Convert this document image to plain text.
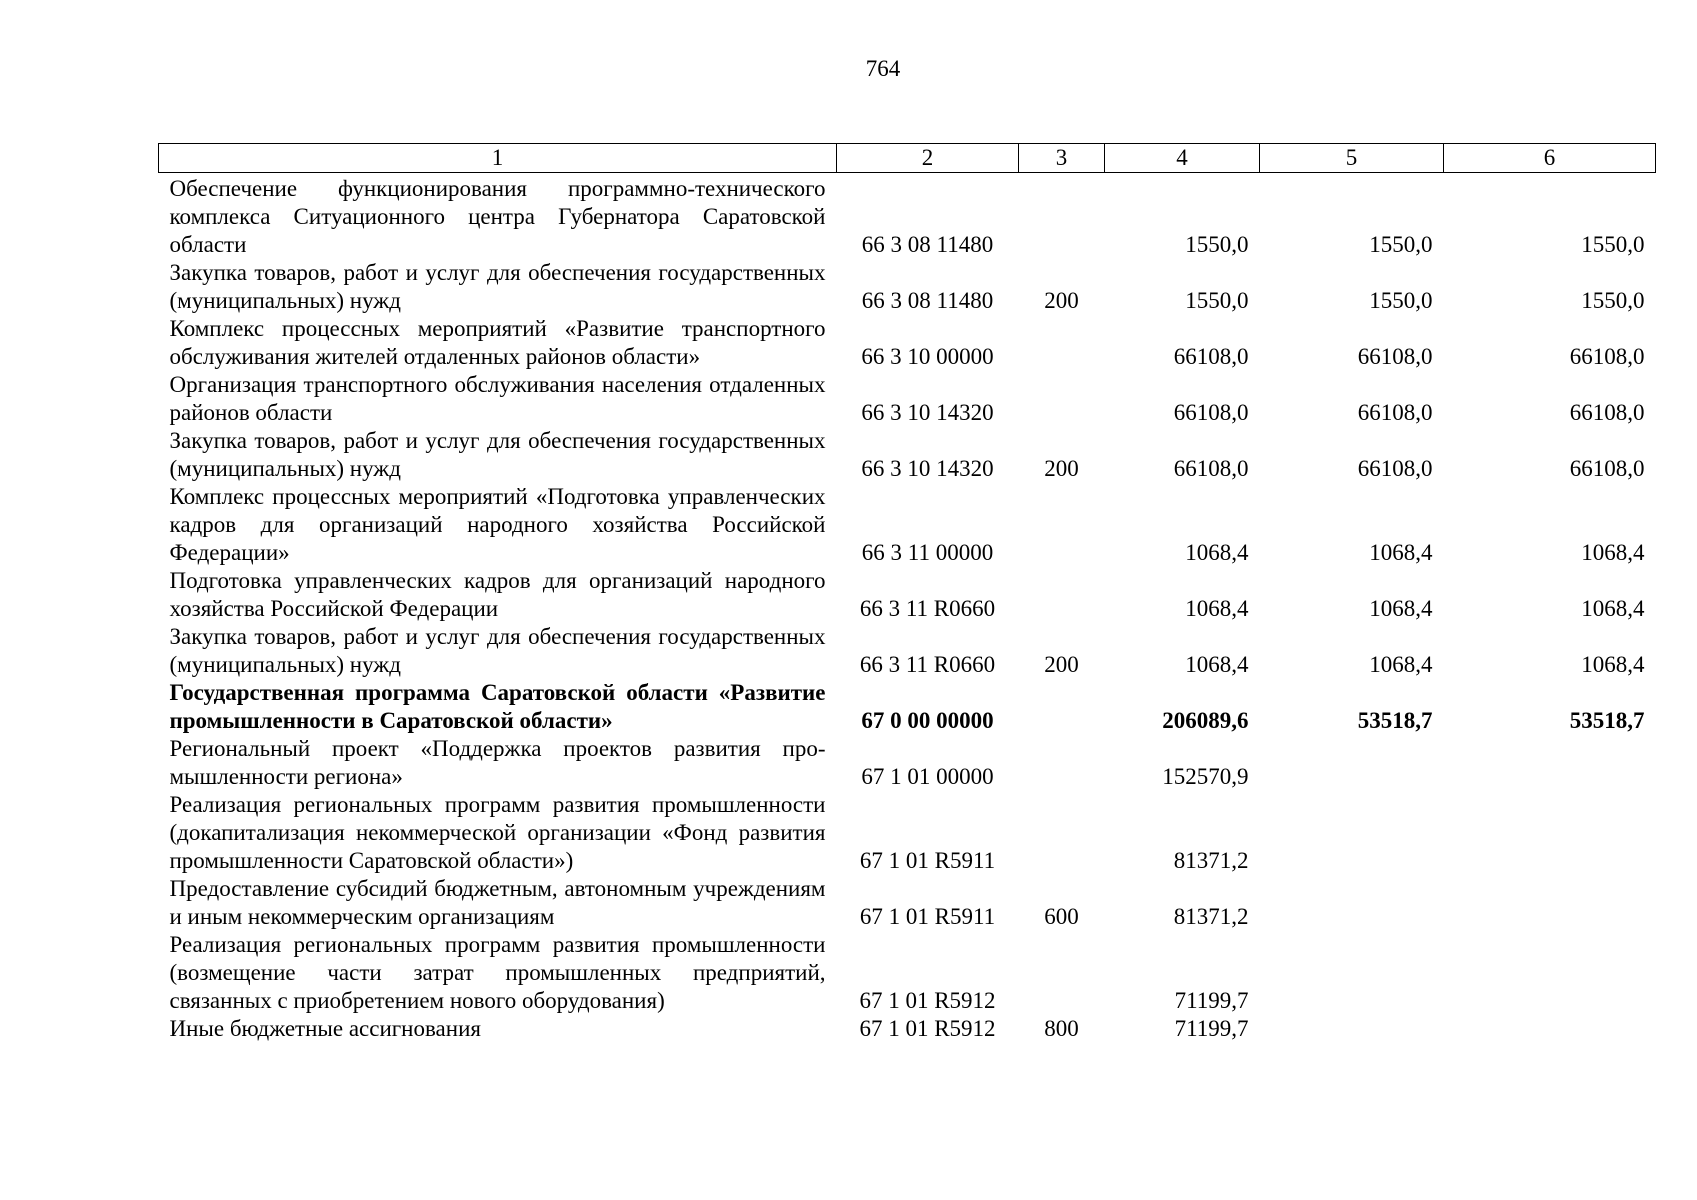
764
1	2	3	4	5	6
Обеспечение функционирования программно-технического комплекса Ситуационного центра Губернатора Саратовской области	66 3 08 11480		1550,0	1550,0	1550,0
Закупка товаров, работ и услуг для обеспечения государственных (муниципальных) нужд	66 3 08 11480	200	1550,0	1550,0	1550,0
Комплекс процессных мероприятий «Развитие транспортного обслуживания жителей отдаленных районов области»	66 3 10 00000		66108,0	66108,0	66108,0
Организация транспортного обслуживания населения отдаленных районов области	66 3 10 14320		66108,0	66108,0	66108,0
Закупка товаров, работ и услуг для обеспечения государственных (муниципальных) нужд	66 3 10 14320	200	66108,0	66108,0	66108,0
Комплекс процессных мероприятий «Подготовка управленческих кадров для организаций народного хозяйства Российской Федерации»	66 3 11 00000		1068,4	1068,4	1068,4
Подготовка управленческих кадров для организаций народного хозяйства Российской Федерации	66 3 11 R0660		1068,4	1068,4	1068,4
Закупка товаров, работ и услуг для обеспечения государственных (муниципальных) нужд	66 3 11 R0660	200	1068,4	1068,4	1068,4
Государственная программа Саратовской области «Развитие промышленности в Саратовской области»	67 0 00 00000		206089,6	53518,7	53518,7
Региональный проект «Поддержка проектов развития промышленности региона»	67 1 01 00000		152570,9		
Реализация региональных программ развития промышленности (докапитализация некоммерческой организации «Фонд развития промышленности Саратовской области»)	67 1 01 R5911		81371,2		
Предоставление субсидий бюджетным, автономным учреждениям и иным некоммерческим организациям	67 1 01 R5911	600	81371,2		
Реализация региональных программ развития промышленности (возмещение части затрат промышленных предприятий, связанных с приобретением нового оборудования)	67 1 01 R5912		71199,7		
Иные бюджетные ассигнования	67 1 01 R5912	800	71199,7		
